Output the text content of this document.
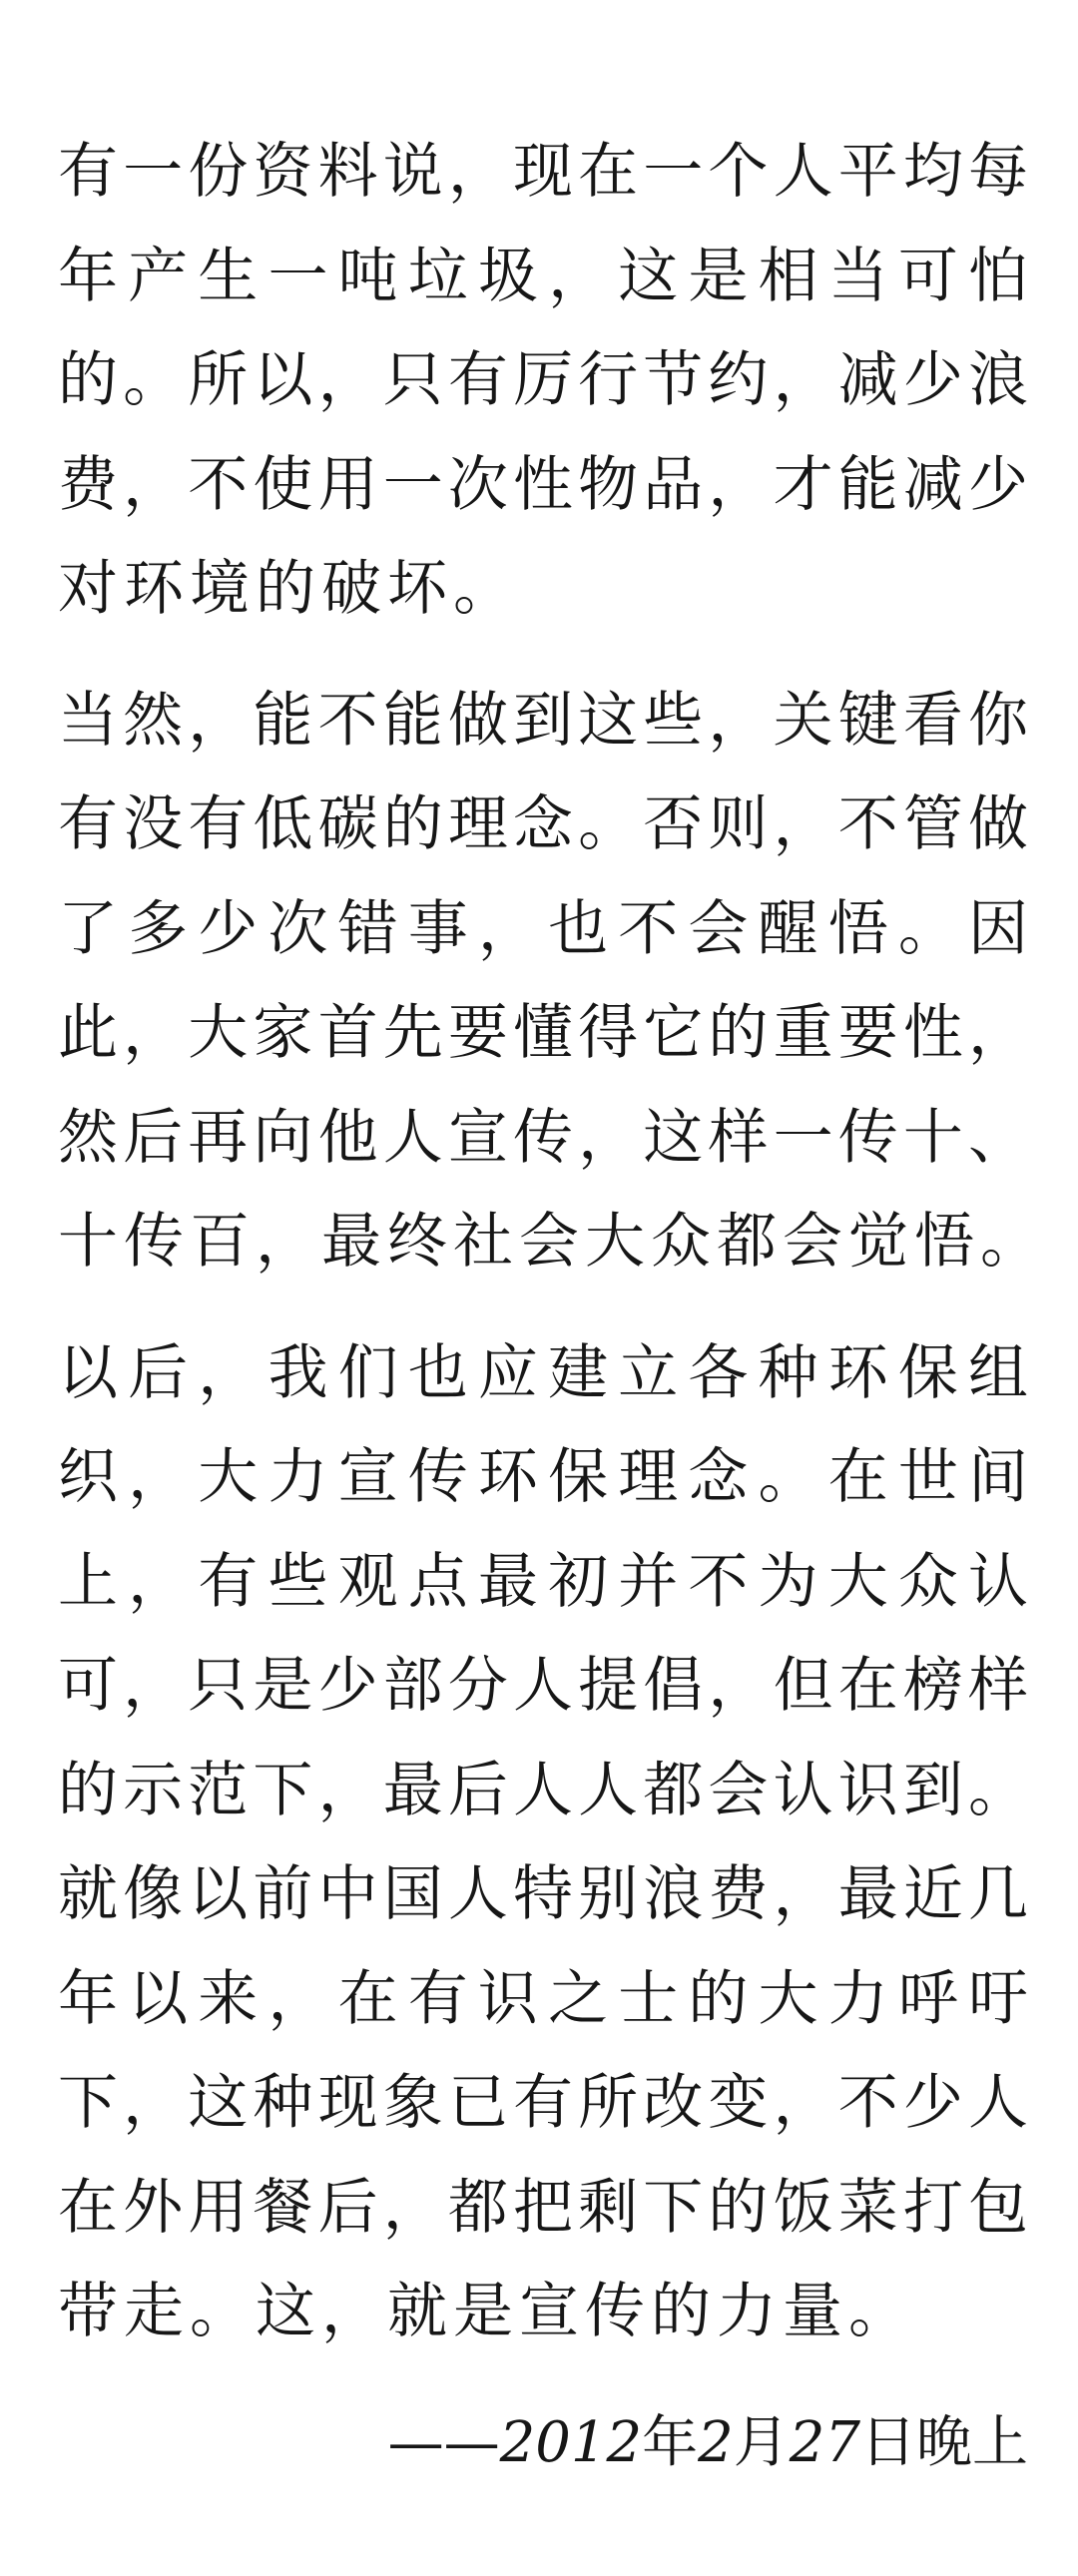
有一份资料说，现在一个人平均每
年产生一吨垃圾，这是相当可怕
的。所以，只有厉行节约，减少浪
费，不使用一次性物品，才能减少
对环境的破坏。
当然，能不能做到这些，关键看你
有没有低碳的理念。否则，不管做
了多少次错事，也不会醒悟。因
此，大家首先要懂得它的重要性，
然后再向他人宣传，这样一传十、
十传百，最终社会大众都会觉悟。
以后，我们也应建立各种环保组
织，大力宣传环保理念。在世间
上，有些观点最初并不为大众认
可，只是少部分人提倡，但在榜样
的示范下，最后人人都会认识到。
就像以前中国人特别浪费，最近几
年以来，在有识之士的大力呼吁
下，这种现象已有所改变，不少人
在外用餐后，都把剩下的饭菜打包
带走。这，就是宣传的力量。
——2012年2月27日晚上
